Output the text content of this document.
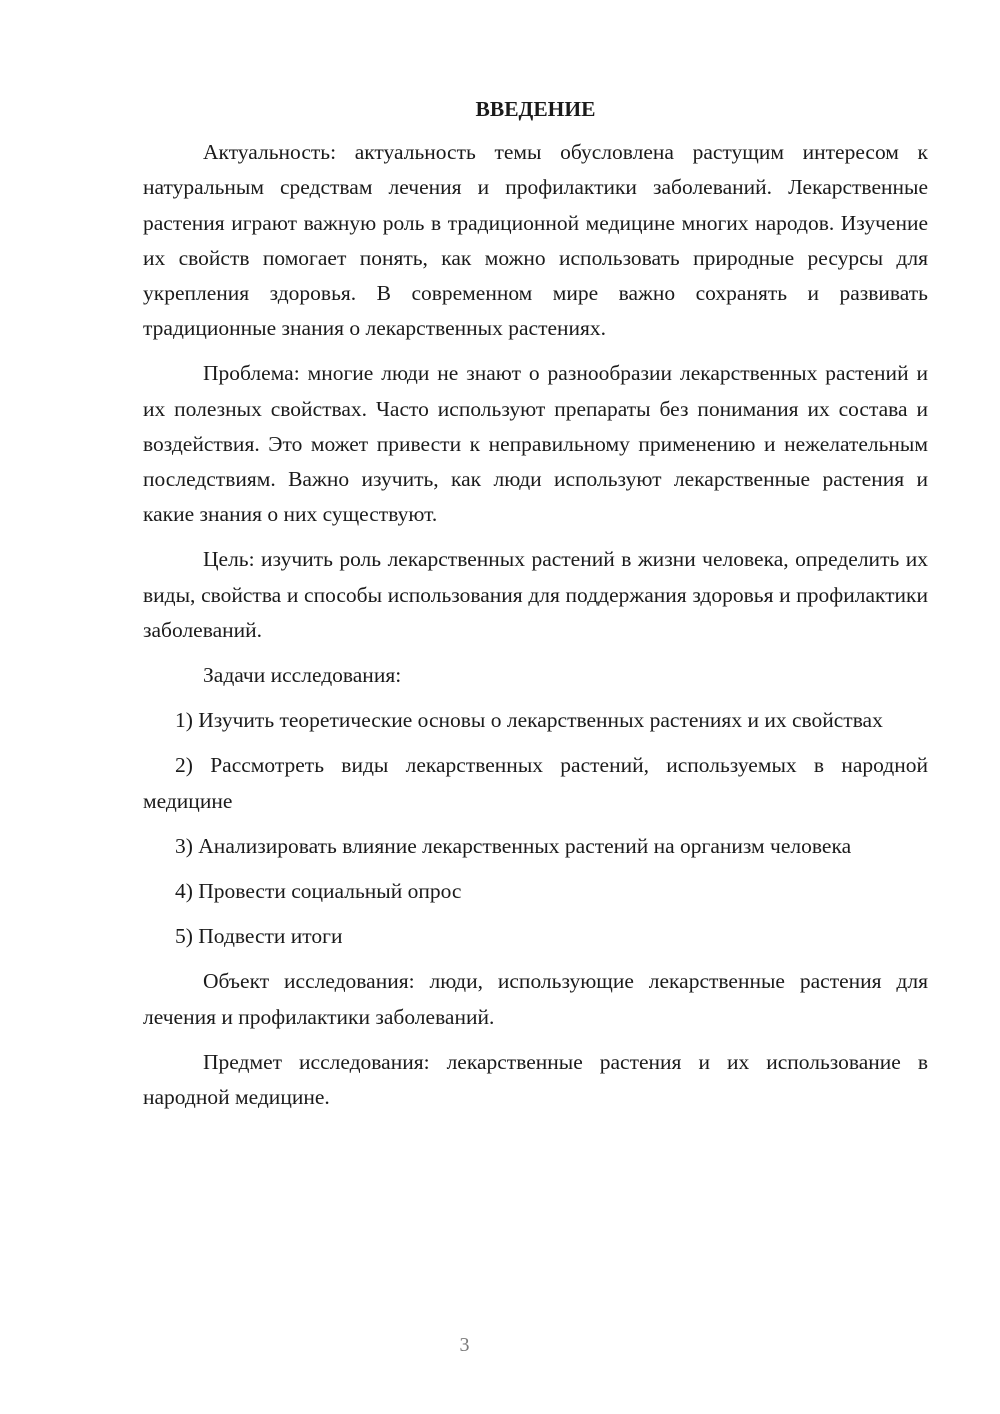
ВВЕДЕНИЕ

Актуальность: актуальность темы обусловлена растущим интересом к натуральным средствам лечения и профилактики заболеваний. Лекарственные растения играют важную роль в традиционной медицине многих народов. Изучение их свойств помогает понять, как можно использовать природные ресурсы для укрепления здоровья. В современном мире важно сохранять и развивать традиционные знания о лекарственных растениях.

Проблема: многие люди не знают о разнообразии лекарственных растений и их полезных свойствах. Часто используют препараты без понимания их состава и воздействия. Это может привести к неправильному применению и нежелательным последствиям. Важно изучить, как люди используют лекарственные растения и какие знания о них существуют.

Цель: изучить роль лекарственных растений в жизни человека, определить их виды, свойства и способы использования для поддержания здоровья и профилактики заболеваний.

Задачи исследования:

1) Изучить теоретические основы о лекарственных растениях и их свойствах

2) Рассмотреть виды лекарственных растений, используемых в народной медицине

3) Анализировать влияние лекарственных растений на организм человека

4) Провести социальный опрос

5) Подвести итоги

Объект исследования: люди, использующие лекарственные растения для лечения и профилактики заболеваний.

Предмет исследования: лекарственные растения и их использование в народной медицине.

3
